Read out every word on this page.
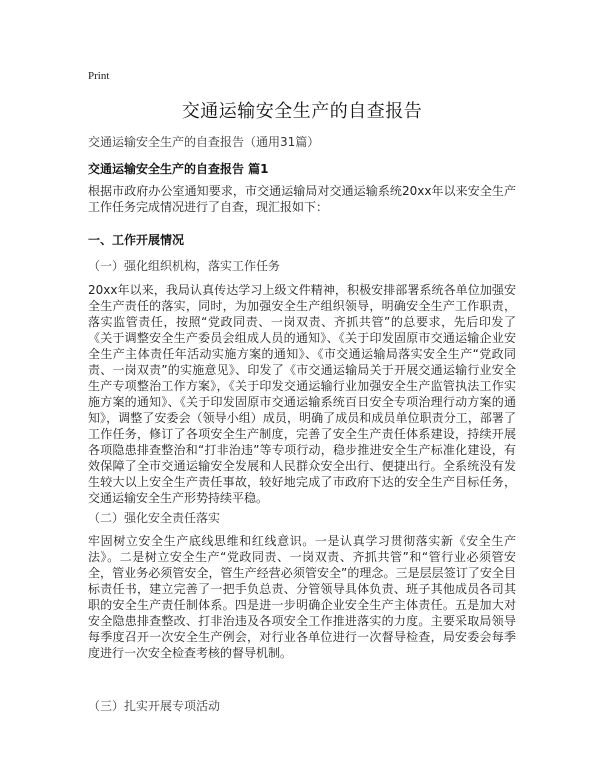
Print
交通运输安全生产的自查报告
交通运输安全生产的自查报告（通用31篇）
交通运输安全生产的自查报告 篇1
根据市政府办公室通知要求，市交通运输局对交通运输系统20xx年以来安全生产工作任务完成情况进行了自查，现汇报如下：
一、工作开展情况
（一）强化组织机构，落实工作任务
20xx年以来，我局认真传达学习上级文件精神，积极安排部署系统各单位加强安全生产责任的落实，同时，为加强安全生产组织领导，明确安全生产工作职责，落实监管责任，按照“党政同责、一岗双责、齐抓共管”的总要求，先后印发了《关于调整安全生产委员会组成人员的通知》、《关于印发固原市交通运输企业安全生产主体责任年活动实施方案的通知》、《市交通运输局落实安全生产“党政同责、一岗双责”的实施意见》、印发了《市交通运输局关于开展交通运输行业安全生产专项整治工作方案》，《关于印发交通运输行业加强安全生产监管执法工作实施方案的通知》、《关于印发固原市交通运输系统百日安全专项治理行动方案的通知》，调整了安委会（领导小组）成员，明确了成员和成员单位职责分工，部署了工作任务，修订了各项安全生产制度，完善了安全生产责任体系建设，持续开展各项隐患排查整治和“打非治违”等专项行动，稳步推进安全生产标准化建设，有效保障了全市交通运输安全发展和人民群众安全出行、便捷出行。全系统没有发生较大以上安全生产责任事故，较好地完成了市政府下达的安全生产目标任务，交通运输安全生产形势持续平稳。
（二）强化安全责任落实
牢固树立安全生产底线思维和红线意识。一是认真学习贯彻落实新《安全生产法》。二是树立安全生产“党政同责、一岗双责、齐抓共管”和“管行业必须管安全，管业务必须管安全，管生产经营必须管安全”的理念。三是层层签订了安全目标责任书，建立完善了一把手负总责、分管领导具体负责、班子其他成员各司其职的安全生产责任制体系。四是进一步明确企业安全生产主体责任。五是加大对安全隐患排查整改、打非治违及各项安全工作推进落实的力度。主要采取局领导每季度召开一次安全生产例会，对行业各单位进行一次督导检查，局安委会每季度进行一次安全检查考核的督导机制。
（三）扎实开展专项活动
